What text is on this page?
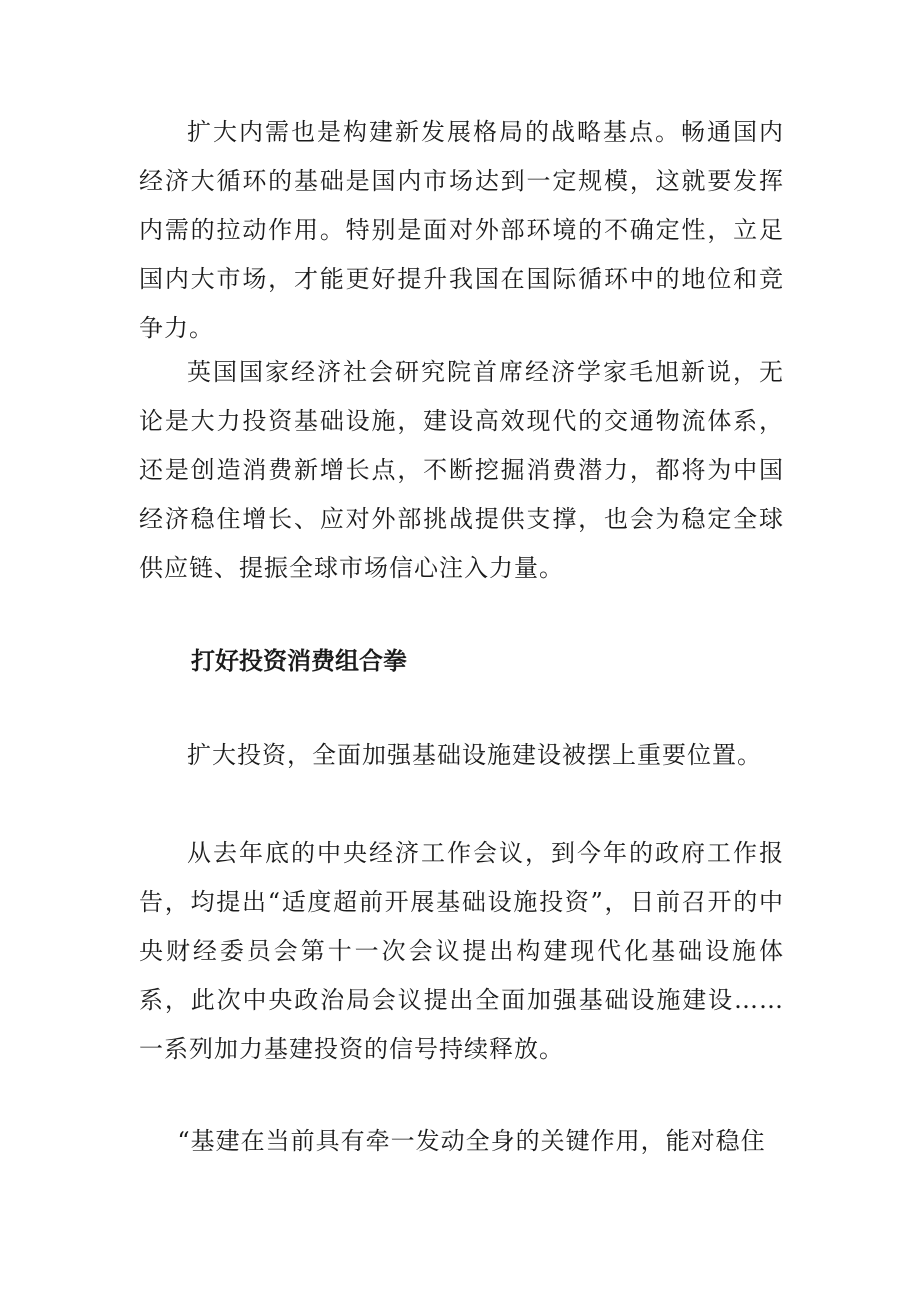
扩大内需也是构建新发展格局的战略基点。畅通国内经济大循环的基础是国内市场达到一定规模，这就要发挥内需的拉动作用。特别是面对外部环境的不确定性，立足国内大市场，才能更好提升我国在国际循环中的地位和竞争力。

英国国家经济社会研究院首席经济学家毛旭新说，无论是大力投资基础设施，建设高效现代的交通物流体系，还是创造消费新增长点，不断挖掘消费潜力，都将为中国经济稳住增长、应对外部挑战提供支撑，也会为稳定全球供应链、提振全球市场信心注入力量。

打好投资消费组合拳

扩大投资，全面加强基础设施建设被摆上重要位置。

从去年底的中央经济工作会议，到今年的政府工作报告，均提出“适度超前开展基础设施投资”，日前召开的中央财经委员会第十一次会议提出构建现代化基础设施体系，此次中央政治局会议提出全面加强基础设施建设……一系列加力基建投资的信号持续释放。

“基建在当前具有牵一发动全身的关键作用，能对稳住
